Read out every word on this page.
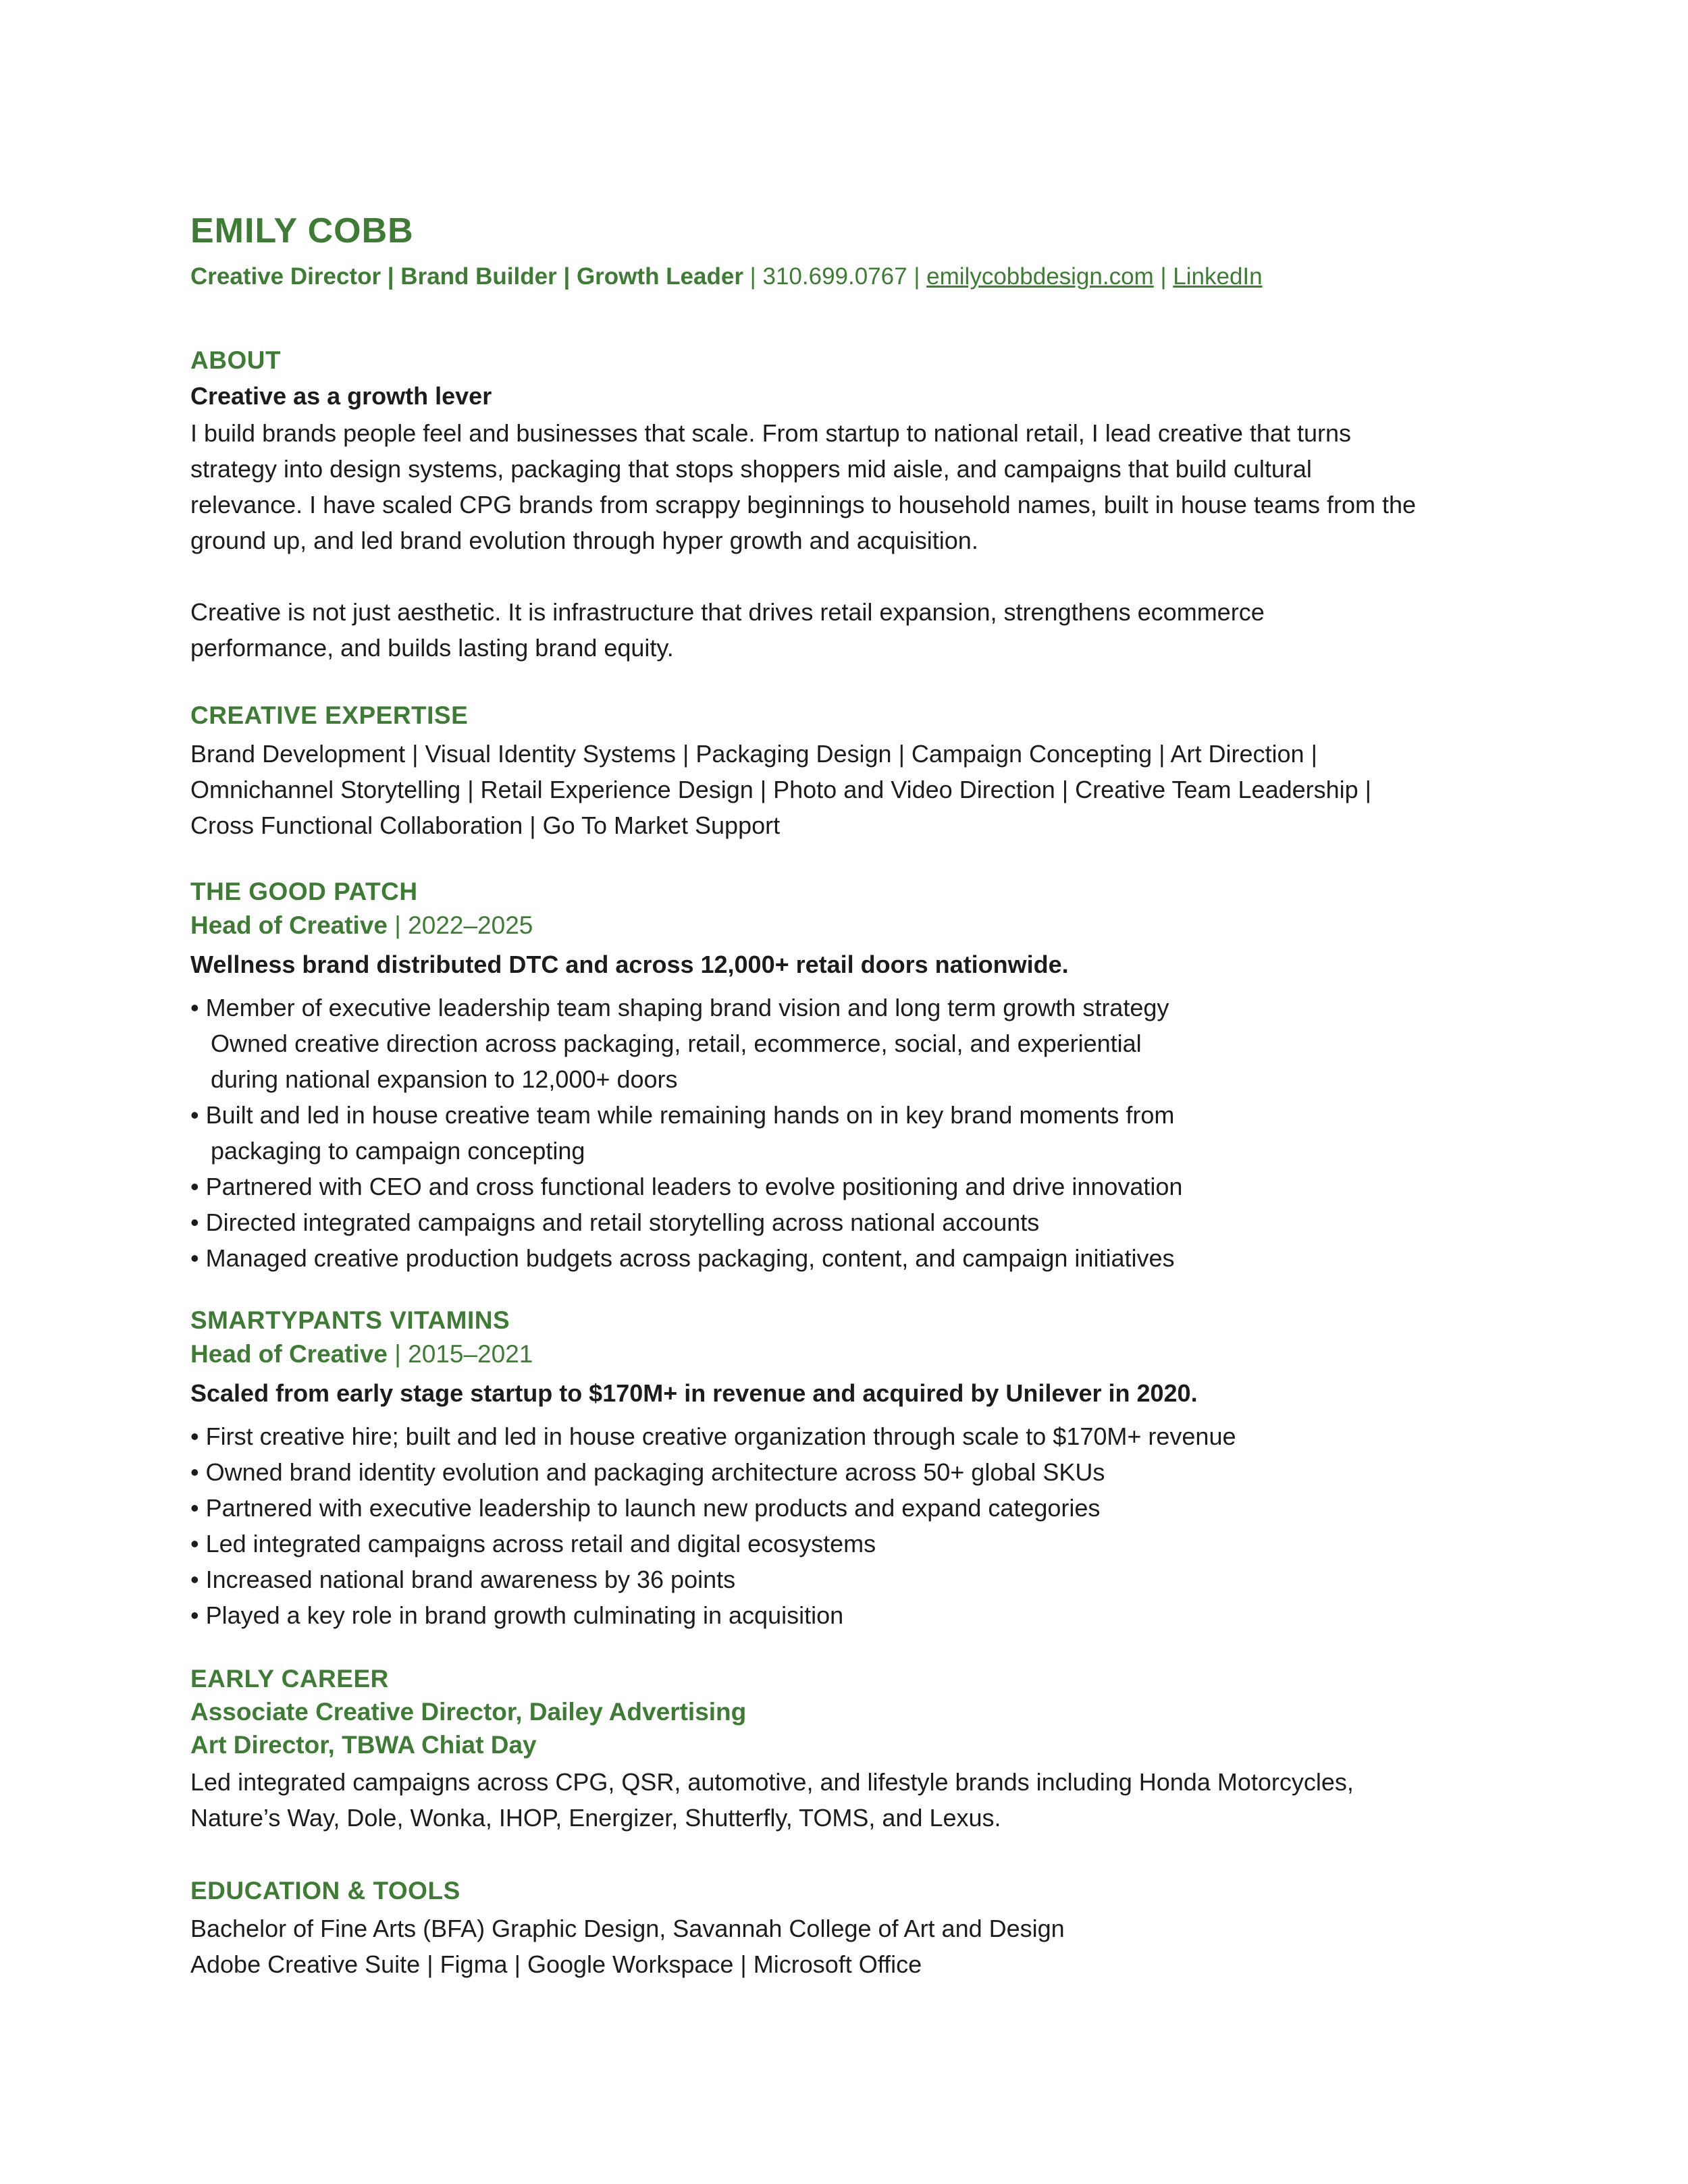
EMILY COBB
Creative Director | Brand Builder | Growth Leader | 310.699.0767 | emilycobbdesign.com | LinkedIn
ABOUT
Creative as a growth lever
I build brands people feel and businesses that scale. From startup to national retail, I lead creative that turns
strategy into design systems, packaging that stops shoppers mid aisle, and campaigns that build cultural
relevance. I have scaled CPG brands from scrappy beginnings to household names, built in house teams from the
ground up, and led brand evolution through hyper growth and acquisition.
Creative is not just aesthetic. It is infrastructure that drives retail expansion, strengthens ecommerce
performance, and builds lasting brand equity.
CREATIVE EXPERTISE
Brand Development | Visual Identity Systems | Packaging Design | Campaign Concepting | Art Direction |
Omnichannel Storytelling | Retail Experience Design | Photo and Video Direction | Creative Team Leadership |
Cross Functional Collaboration | Go To Market Support
THE GOOD PATCH
Head of Creative | 2022–2025
Wellness brand distributed DTC and across 12,000+ retail doors nationwide.
• Member of executive leadership team shaping brand vision and long term growth strategy
Owned creative direction across packaging, retail, ecommerce, social, and experiential
during national expansion to 12,000+ doors
• Built and led in house creative team while remaining hands on in key brand moments from
packaging to campaign concepting
• Partnered with CEO and cross functional leaders to evolve positioning and drive innovation
• Directed integrated campaigns and retail storytelling across national accounts
• Managed creative production budgets across packaging, content, and campaign initiatives
SMARTYPANTS VITAMINS
Head of Creative | 2015–2021
Scaled from early stage startup to $170M+ in revenue and acquired by Unilever in 2020.
• First creative hire; built and led in house creative organization through scale to $170M+ revenue
• Owned brand identity evolution and packaging architecture across 50+ global SKUs
• Partnered with executive leadership to launch new products and expand categories
• Led integrated campaigns across retail and digital ecosystems
• Increased national brand awareness by 36 points
• Played a key role in brand growth culminating in acquisition
EARLY CAREER
Associate Creative Director, Dailey Advertising
Art Director, TBWA Chiat Day
Led integrated campaigns across CPG, QSR, automotive, and lifestyle brands including Honda Motorcycles,
Nature’s Way, Dole, Wonka, IHOP, Energizer, Shutterfly, TOMS, and Lexus.
EDUCATION & TOOLS
Bachelor of Fine Arts (BFA) Graphic Design, Savannah College of Art and Design
Adobe Creative Suite | Figma | Google Workspace | Microsoft Office
